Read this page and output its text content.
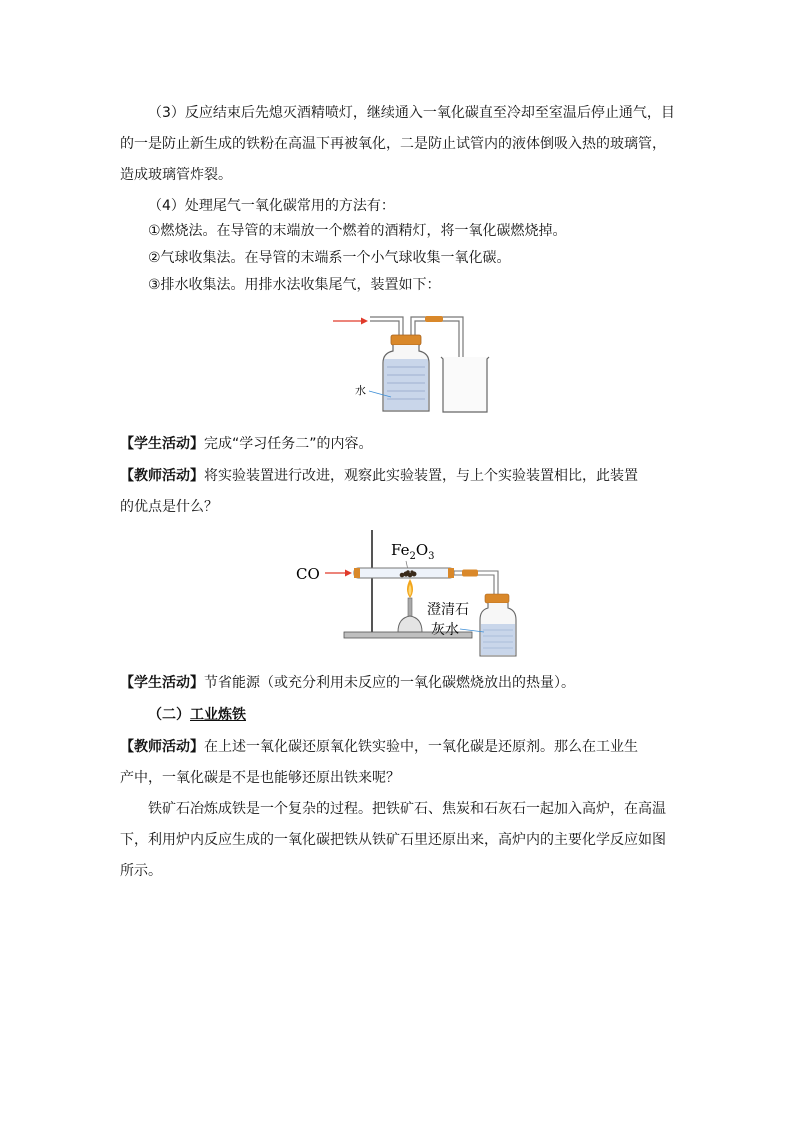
（3）反应结束后先熄灭酒精喷灯，继续通入一氧化碳直至冷却至室温后停止通气，目
的一是防止新生成的铁粉在高温下再被氧化，二是防止试管内的液体倒吸入热的玻璃管，
造成玻璃管炸裂。
（4）处理尾气一氧化碳常用的方法有：
①燃烧法。在导管的末端放一个燃着的酒精灯，将一氧化碳燃烧掉。
②气球收集法。在导管的末端系一个小气球收集一氧化碳。
③排水收集法。用排水法收集尾气，装置如下：
水
【学生活动】完成“学习任务二”的内容。
【教师活动】将实验装置进行改进，观察此实验装置，与上个实验装置相比，此装置
的优点是什么？
CO
$Fe_2O_3$
澄清石
灰水
【学生活动】节省能源（或充分利用未反应的一氧化碳燃烧放出的热量）。
（二）工业炼铁
【教师活动】在上述一氧化碳还原氧化铁实验中，一氧化碳是还原剂。那么在工业生
产中，一氧化碳是不是也能够还原出铁来呢？
铁矿石冶炼成铁是一个复杂的过程。把铁矿石、焦炭和石灰石一起加入高炉，在高温
下，利用炉内反应生成的一氧化碳把铁从铁矿石里还原出来，高炉内的主要化学反应如图
所示。
